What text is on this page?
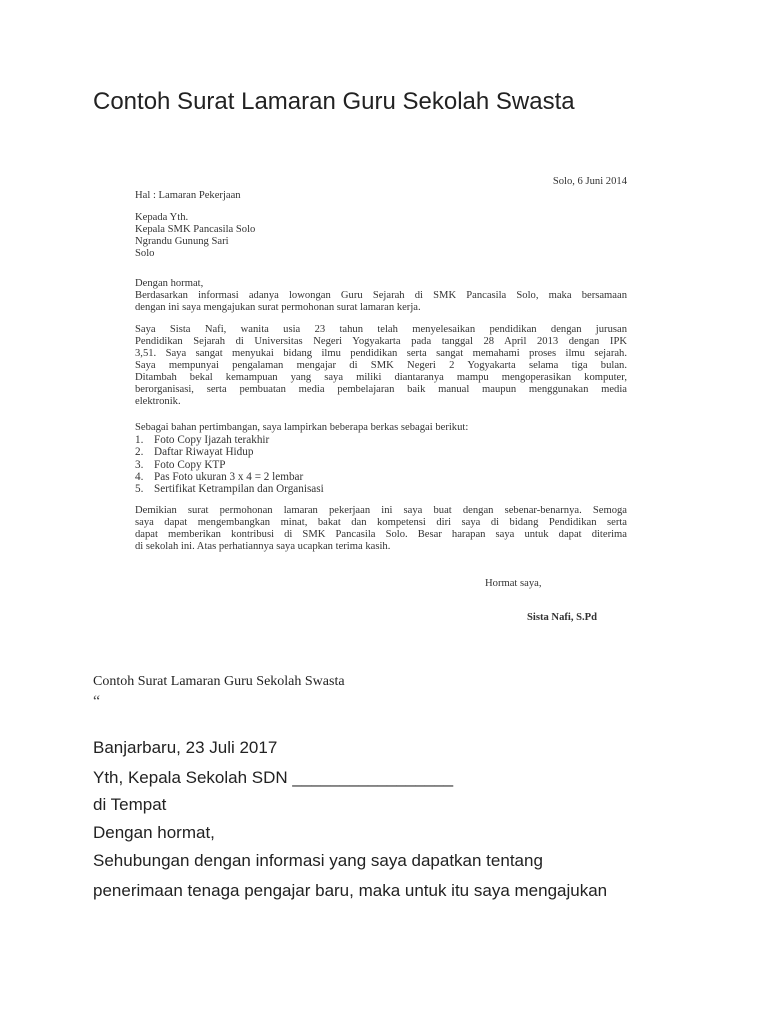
Contoh Surat Lamaran Guru Sekolah Swasta
Solo, 6 Juni 2014
Hal : Lamaran Pekerjaan
Kepada Yth.
Kepala SMK Pancasila Solo
Ngrandu Gunung Sari
Solo
Dengan hormat,
Berdasarkan informasi adanya lowongan Guru Sejarah di SMK Pancasila Solo, maka bersamaan
dengan ini saya mengajukan surat permohonan surat lamaran kerja.
Saya Sista Nafi, wanita usia 23 tahun telah menyelesaikan pendidikan dengan jurusan
Pendidikan Sejarah di Universitas Negeri Yogyakarta pada tanggal 28 April 2013 dengan IPK
3,51. Saya sangat menyukai bidang ilmu pendidikan serta sangat memahami proses ilmu sejarah.
Saya mempunyai pengalaman mengajar di SMK Negeri 2 Yogyakarta selama tiga bulan.
Ditambah bekal kemampuan yang saya miliki diantaranya mampu mengoperasikan komputer,
berorganisasi, serta pembuatan media pembelajaran baik manual maupun menggunakan media
elektronik.
Sebagai bahan pertimbangan, saya lampirkan beberapa berkas sebagai berikut:
1. Foto Copy Ijazah terakhir
2. Daftar Riwayat Hidup
3. Foto Copy KTP
4. Pas Foto ukuran 3 x 4 = 2 lembar
5. Sertifikat Ketrampilan dan Organisasi
Demikian surat permohonan lamaran pekerjaan ini saya buat dengan sebenar-benarnya. Semoga
saya dapat mengembangkan minat, bakat dan kompetensi diri saya di bidang Pendidikan serta
dapat memberikan kontribusi di SMK Pancasila Solo. Besar harapan saya untuk dapat diterima
di sekolah ini. Atas perhatiannya saya ucapkan terima kasih.
Hormat saya,
Sista Nafi, S.Pd
Contoh Surat Lamaran Guru Sekolah Swasta
“
Banjarbaru, 23 Juli 2017
Yth, Kepala Sekolah SDN _________________
di Tempat
Dengan hormat,
Sehubungan dengan informasi yang saya dapatkan tentang
penerimaan tenaga pengajar baru, maka untuk itu saya mengajukan
